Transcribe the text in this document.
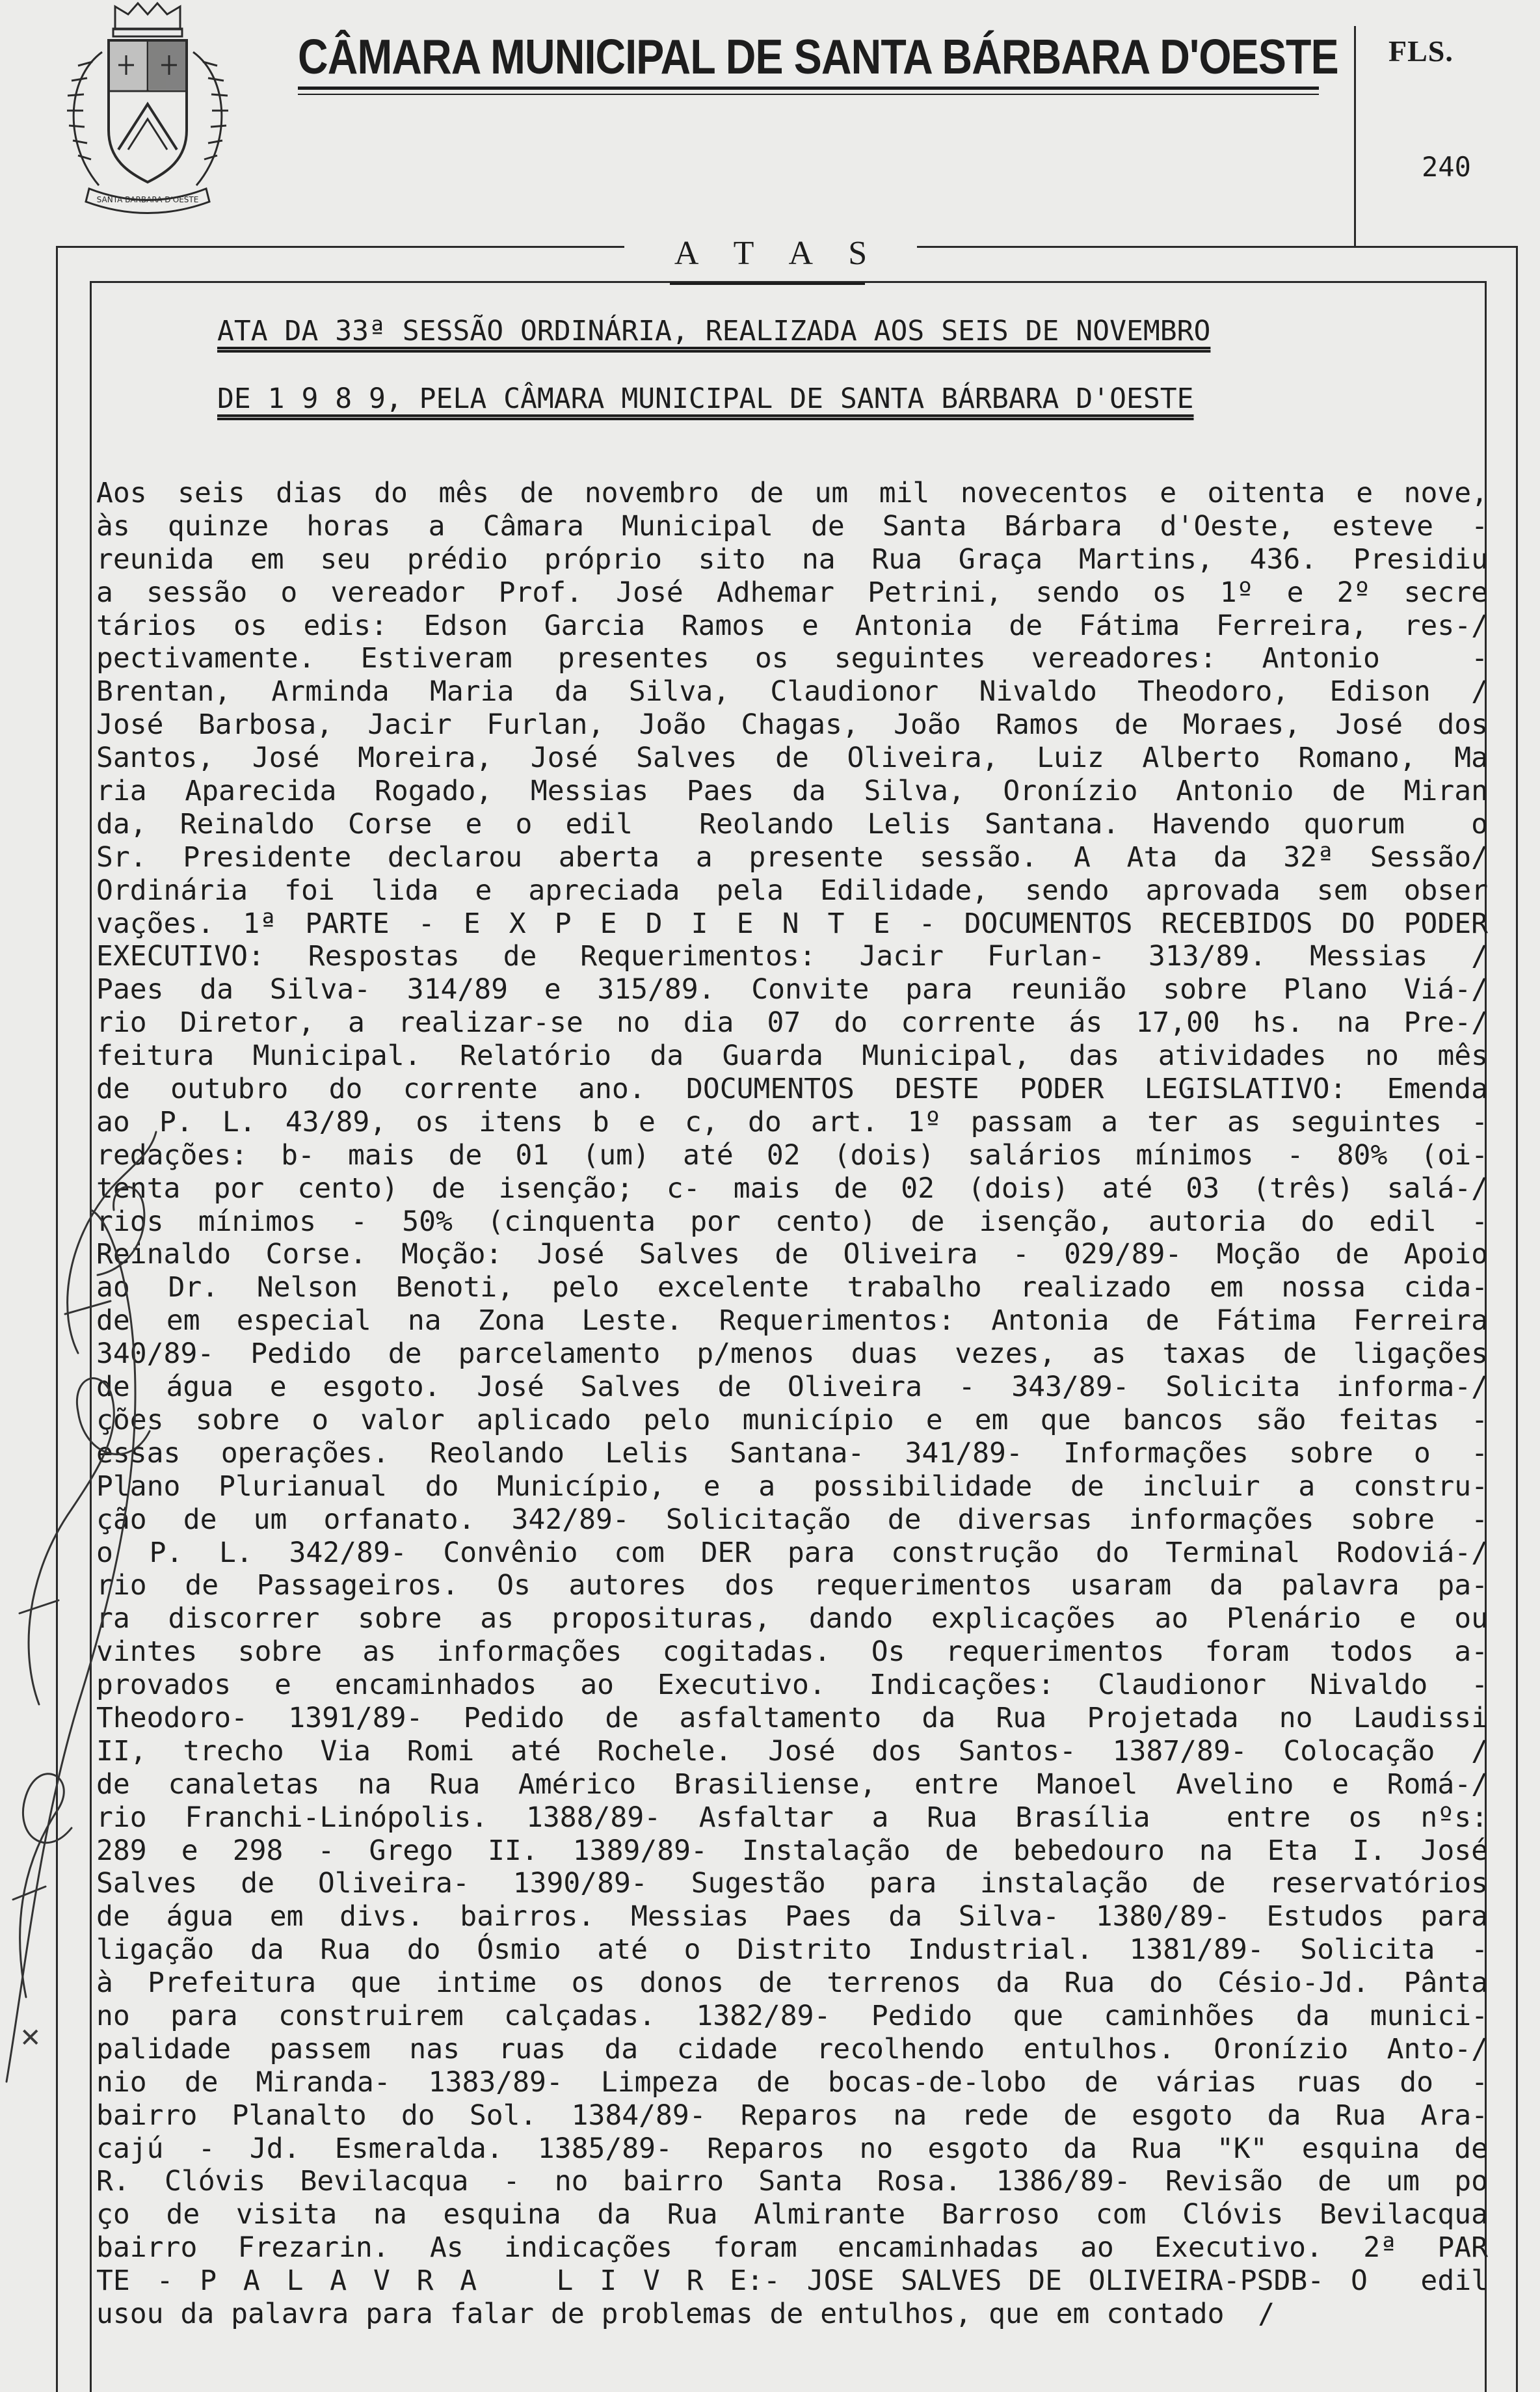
SANTA BARBARA D'OESTE
CÂMARA MUNICIPAL DE SANTA BÁRBARA D'OESTE FLS.
240
A T A S
ATA DA 33ª SESSÃO ORDINÁRIA, REALIZADA AOS SEIS DE NOVEMBRO
DE 1 9 8 9, PELA CÂMARA MUNICIPAL DE SANTA BÁRBARA D'OESTE
Aos seis dias do mês de novembro de um mil novecentos e oitenta e nove,
às quinze horas a Câmara Municipal de Santa Bárbara d'Oeste, esteve -
reunida em seu prédio próprio sito na Rua Graça Martins, 436. Presidiu
a sessão o vereador Prof. José Adhemar Petrini, sendo os 1º e 2º secre
tários os edis: Edson Garcia Ramos e Antonia de Fátima Ferreira, res-/
pectivamente. Estiveram presentes os seguintes vereadores: Antonio  -
Brentan, Arminda Maria da Silva, Claudionor Nivaldo Theodoro, Edison /
José Barbosa, Jacir Furlan, João Chagas, João Ramos de Moraes, José dos
Santos, José Moreira, José Salves de Oliveira, Luiz Alberto Romano, Ma
ria Aparecida Rogado, Messias Paes da Silva, Oronízio Antonio de Miran
da, Reinaldo Corse e o edil  Reolando Lelis Santana. Havendo quorum  o
Sr. Presidente declarou aberta a presente sessão. A Ata da 32ª Sessão/
Ordinária foi lida e apreciada pela Edilidade, sendo aprovada sem obser
vações. 1ª PARTE - E X P E D I E N T E - DOCUMENTOS RECEBIDOS DO PODER
EXECUTIVO: Respostas de Requerimentos: Jacir Furlan- 313/89. Messias /
Paes da Silva- 314/89 e 315/89. Convite para reunião sobre Plano Viá-/
rio Diretor, a realizar-se no dia 07 do corrente ás 17,00 hs. na Pre-/
feitura Municipal. Relatório da Guarda Municipal, das atividades no mês
de outubro do corrente ano. DOCUMENTOS DESTE PODER LEGISLATIVO: Emenda
ao P. L. 43/89, os itens b e c, do art. 1º passam a ter as seguintes -
redações: b- mais de 01 (um) até 02 (dois) salários mínimos - 80% (oi-
tenta por cento) de isenção; c- mais de 02 (dois) até 03 (três) salá-/
rios mínimos - 50% (cinquenta por cento) de isenção, autoria do edil -
Reinaldo Corse. Moção: José Salves de Oliveira - 029/89- Moção de Apoio
ao Dr. Nelson Benoti, pelo excelente trabalho realizado em nossa cida-
de em especial na Zona Leste. Requerimentos: Antonia de Fátima Ferreira
340/89- Pedido de parcelamento p/menos duas vezes, as taxas de ligações
de água e esgoto. José Salves de Oliveira - 343/89- Solicita informa-/
ções sobre o valor aplicado pelo município e em que bancos são feitas -
essas operações. Reolando Lelis Santana- 341/89- Informações sobre o -
Plano Plurianual do Município, e a possibilidade de incluir a constru-
ção de um orfanato. 342/89- Solicitação de diversas informações sobre -
o P. L. 342/89- Convênio com DER para construção do Terminal Rodoviá-/
rio de Passageiros. Os autores dos requerimentos usaram da palavra pa-
ra discorrer sobre as proposituras, dando explicações ao Plenário e ou
vintes sobre as informações cogitadas. Os requerimentos foram todos a-
provados e encaminhados ao Executivo. Indicações: Claudionor Nivaldo -
Theodoro- 1391/89- Pedido de asfaltamento da Rua Projetada no Laudissi
II, trecho Via Romi até Rochele. José dos Santos- 1387/89- Colocação /
de canaletas na Rua Américo Brasiliense, entre Manoel Avelino e Romá-/
rio Franchi-Linópolis. 1388/89- Asfaltar a Rua Brasília  entre os nºs:
289 e 298 - Grego II. 1389/89- Instalação de bebedouro na Eta I. José
Salves de Oliveira- 1390/89- Sugestão para instalação de reservatórios
de água em divs. bairros. Messias Paes da Silva- 1380/89- Estudos para
ligação da Rua do Ósmio até o Distrito Industrial. 1381/89- Solicita -
à Prefeitura que intime os donos de terrenos da Rua do Césio-Jd. Pânta
no para construirem calçadas. 1382/89- Pedido que caminhões da munici-
palidade passem nas ruas da cidade recolhendo entulhos. Oronízio Anto-/
nio de Miranda- 1383/89- Limpeza de bocas-de-lobo de várias ruas do -
bairro Planalto do Sol. 1384/89- Reparos na rede de esgoto da Rua Ara-
cajú - Jd. Esmeralda. 1385/89- Reparos no esgoto da Rua "K" esquina de
R. Clóvis Bevilacqua - no bairro Santa Rosa. 1386/89- Revisão de um po
ço de visita na esquina da Rua Almirante Barroso com Clóvis Bevilacqua
bairro Frezarin. As indicações foram encaminhadas ao Executivo. 2ª PAR
TE - P A L A V R A   L I V R E:- JOSE SALVES DE OLIVEIRA-PSDB- O  edil
usou da palavra para falar de problemas de entulhos, que em contado  /
✕
